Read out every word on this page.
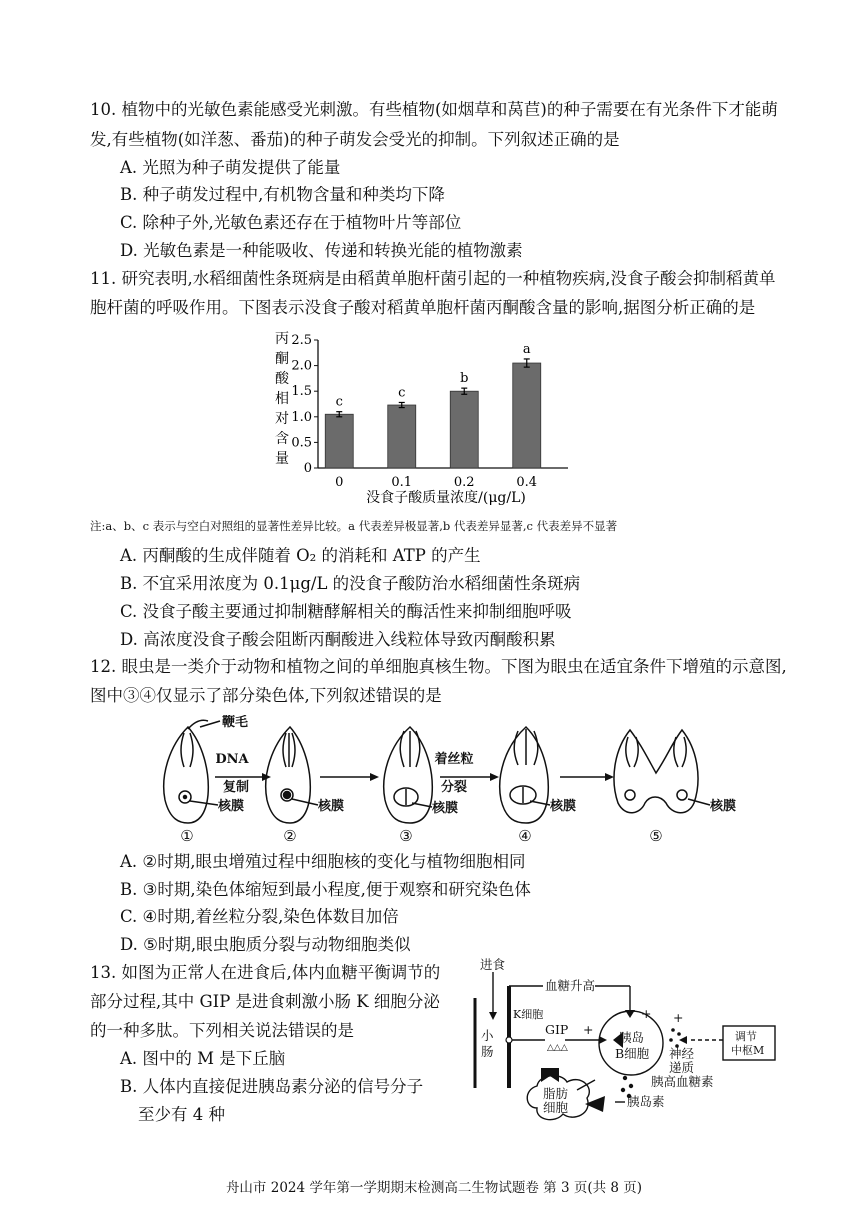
10. 植物中的光敏色素能感受光刺激。有些植物(如烟草和莴苣)的种子需要在有光条件下才能萌
发,有些植物(如洋葱、番茄)的种子萌发会受光的抑制。下列叙述正确的是
A. 光照为种子萌发提供了能量
B. 种子萌发过程中,有机物含量和种类均下降
C. 除种子外,光敏色素还存在于植物叶片等部位
D. 光敏色素是一种能吸收、传递和转换光能的植物激素
11. 研究表明,水稻细菌性条斑病是由稻黄单胞杆菌引起的一种植物疾病,没食子酸会抑制稻黄单
胞杆菌的呼吸作用。下图表示没食子酸对稻黄单胞杆菌丙酮酸含量的影响,据图分析正确的是
丙
酮
酸
相
对
含
量
0
0.5
1.0
1.5
2.0
2.5
c
c
b
a
0	0.1	0.2	0.4
没食子酸质量浓度/(μg/L)
注:a、b、c 表示与空白对照组的显著性差异比较。a 代表差异极显著,b 代表差异显著,c 代表差异不显著
A. 丙酮酸的生成伴随着 O₂ 的消耗和 ATP 的产生
B. 不宜采用浓度为 0.1μg/L 的没食子酸防治水稻细菌性条斑病
C. 没食子酸主要通过抑制糖酵解相关的酶活性来抑制细胞呼吸
D. 高浓度没食子酸会阻断丙酮酸进入线粒体导致丙酮酸积累
12. 眼虫是一类介于动物和植物之间的单细胞真核生物。下图为眼虫在适宜条件下增殖的示意图,
图中③④仅显示了部分染色体,下列叙述错误的是
鞭毛
DNA
复制
着丝粒
分裂
核膜	核膜	核膜	核膜	核膜
①	②	③	④	⑤
A. ②时期,眼虫增殖过程中细胞核的变化与植物细胞相同
B. ③时期,染色体缩短到最小程度,便于观察和研究染色体
C. ④时期,着丝粒分裂,染色体数目加倍
D. ⑤时期,眼虫胞质分裂与动物细胞类似
13. 如图为正常人在进食后,体内血糖平衡调节的
部分过程,其中 GIP 是进食刺激小肠 K 细胞分泌
的一种多肽。下列相关说法错误的是
A. 图中的 M 是下丘脑
B. 人体内直接促进胰岛素分泌的信号分子
至少有 4 种
进食
血糖升高
K细胞
小
肠
GIP
△△△
+
+ +
胰岛
B细胞 神经
递质
调节
中枢M
胰高血糖素
脂肪
细胞	胰岛素
舟山市 2024 学年第一学期期末检测高二生物试题卷 第 3 页(共 8 页)
